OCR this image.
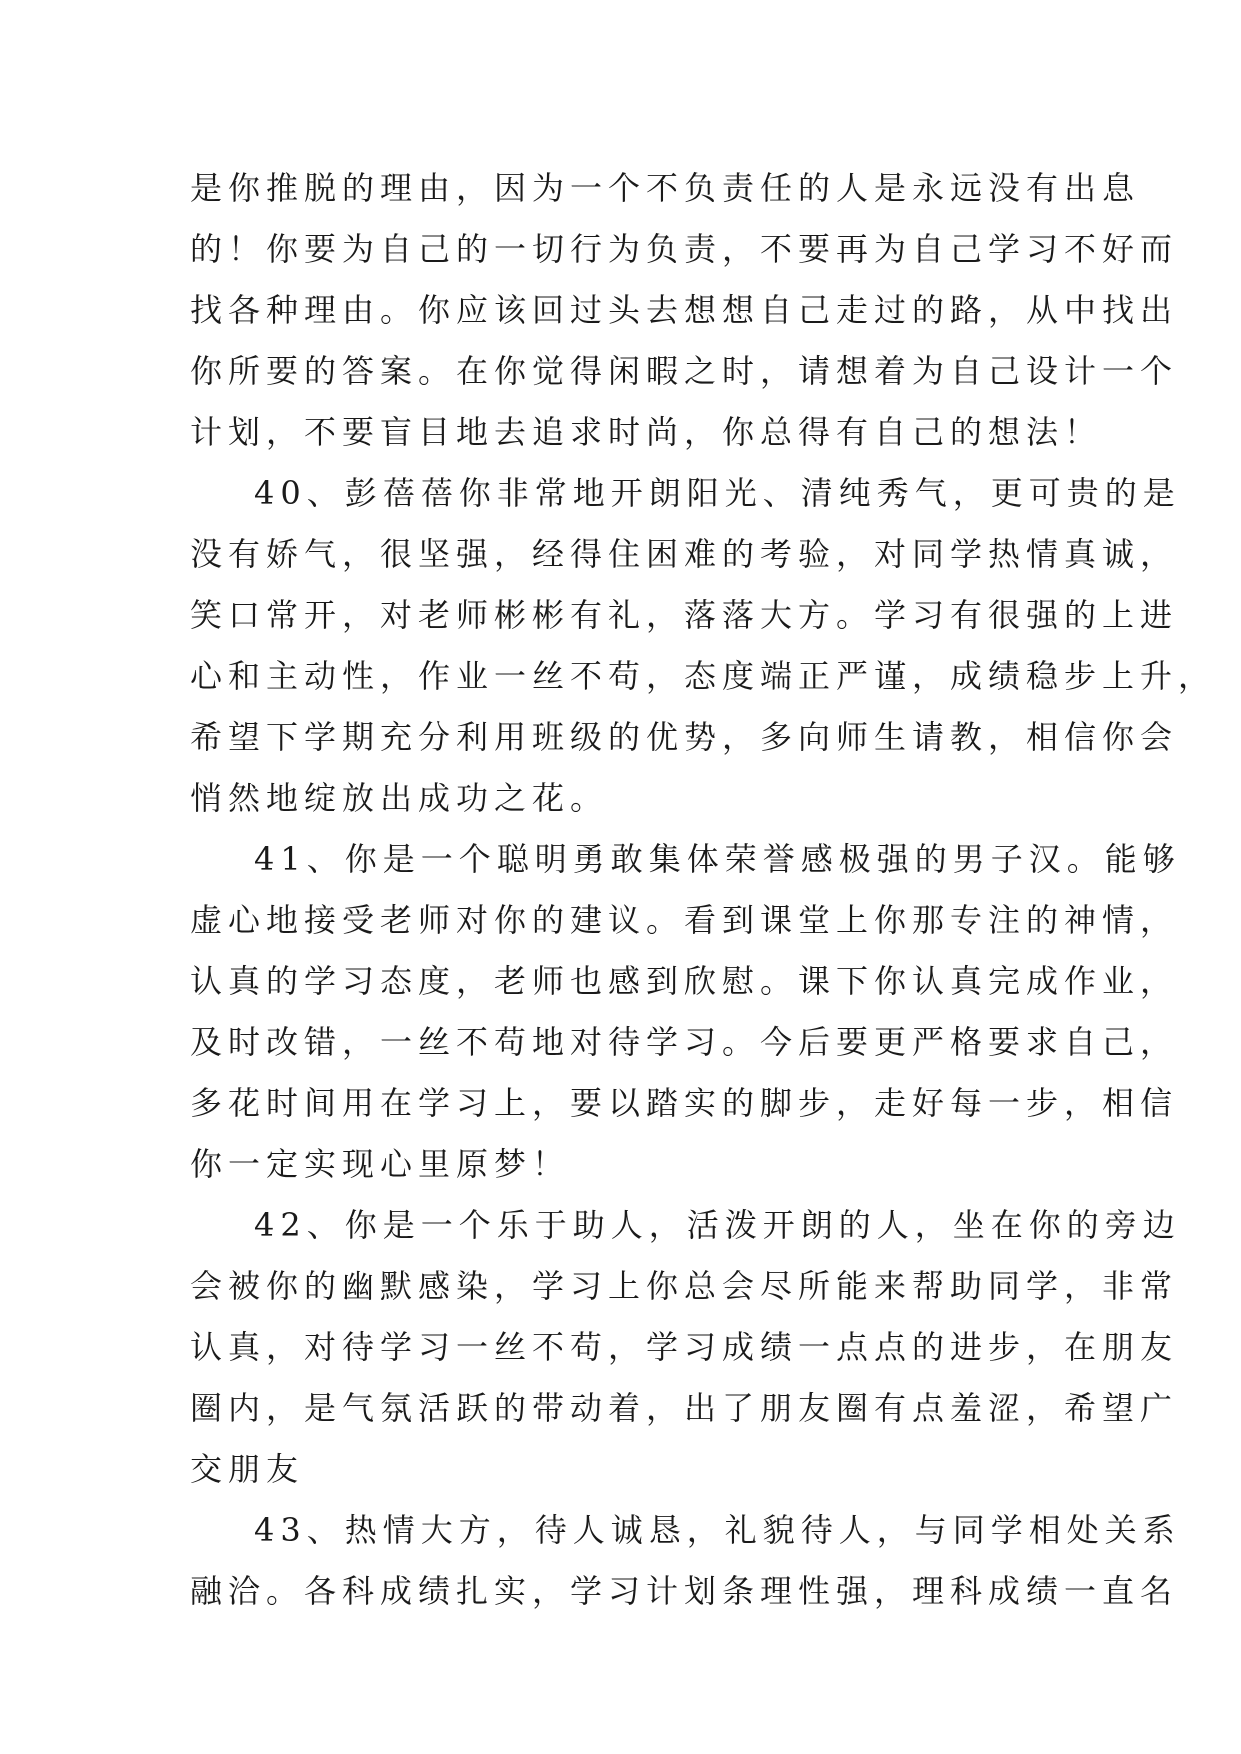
是你推脱的理由，因为一个不负责任的人是永远没有出息
的！你要为自己的一切行为负责，不要再为自己学习不好而
找各种理由。你应该回过头去想想自己走过的路，从中找出
你所要的答案。在你觉得闲暇之时，请想着为自己设计一个
计划，不要盲目地去追求时尚，你总得有自己的想法！
40、彭蓓蓓你非常地开朗阳光、清纯秀气，更可贵的是
没有娇气，很坚强，经得住困难的考验，对同学热情真诚，
笑口常开，对老师彬彬有礼，落落大方。学习有很强的上进
心和主动性，作业一丝不苟，态度端正严谨，成绩稳步上升，
希望下学期充分利用班级的优势，多向师生请教，相信你会
悄然地绽放出成功之花。
41、你是一个聪明勇敢集体荣誉感极强的男子汉。能够
虚心地接受老师对你的建议。看到课堂上你那专注的神情，
认真的学习态度，老师也感到欣慰。课下你认真完成作业，
及时改错，一丝不苟地对待学习。今后要更严格要求自己，
多花时间用在学习上，要以踏实的脚步，走好每一步，相信
你一定实现心里原梦！
42、你是一个乐于助人，活泼开朗的人，坐在你的旁边
会被你的幽默感染，学习上你总会尽所能来帮助同学，非常
认真，对待学习一丝不苟，学习成绩一点点的进步，在朋友
圈内，是气氛活跃的带动着，出了朋友圈有点羞涩，希望广
交朋友
43、热情大方，待人诚恳，礼貌待人，与同学相处关系
融洽。各科成绩扎实，学习计划条理性强，理科成绩一直名
